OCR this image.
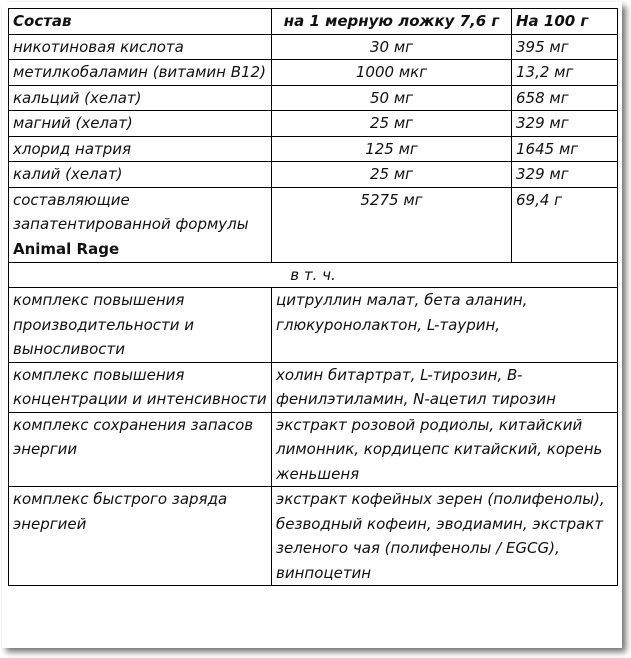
Состав	на 1 мерную ложку 7,6 г	На 100 г
никотиновая кислота	30 мг	395 мг
метилкобаламин (витамин В12)	1000 мкг	13,2 мг
кальций (хелат)	50 мг	658 мг
магний (хелат)	25 мг	329 мг
хлорид натрия	125 мг	1645 мг
калий (хелат)	25 мг	329 мг
составляющие запатентированной формулы Animal Rage	5275 мг	69,4 г
в т. ч.		
комплекс повышения производительности и выносливости	цитруллин малат, бета аланин, глюкуронолактон, L-таурин,	
комплекс повышения концентрации и интенсивности	холин битартрат, L-тирозин, B-фенилэтиламин, N-ацетил тирозин	
комплекс сохранения запасов энергии	экстракт розовой родиолы, китайский лимонник, кордицепс китайский, корень женьшеня	
комплекс быстрого заряда энергией	экстракт кофейных зерен (полифенолы), безводный кофеин, эводиамин, экстракт зеленого чая (полифенолы / EGCG), винпоцетин	
